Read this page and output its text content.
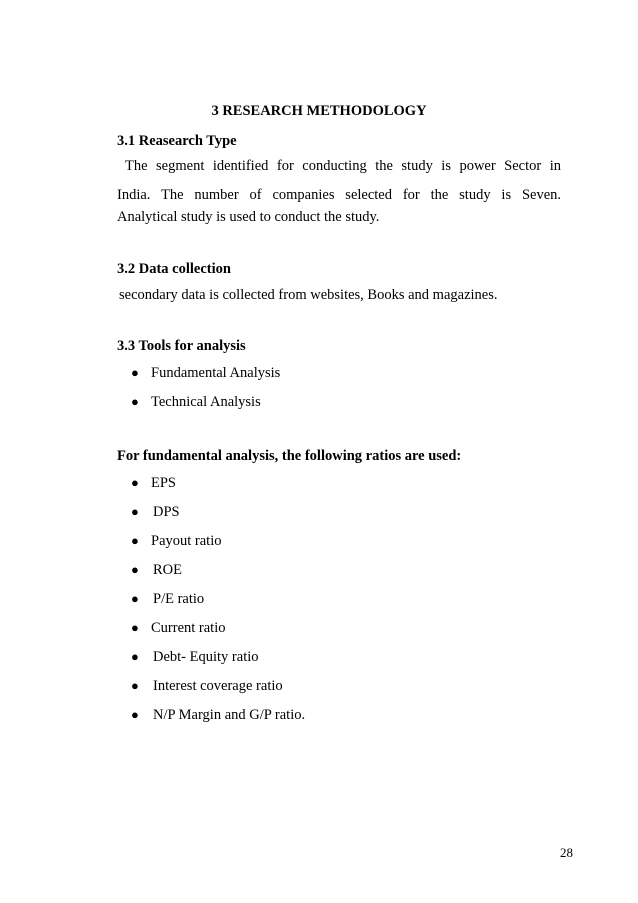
3 RESEARCH METHODOLOGY
3.1 Reasearch Type
The segment identified for conducting the study is power Sector in
India. The number of companies selected for the study is Seven.
Analytical study is used to conduct the study.
3.2 Data collection
secondary data is collected from websites, Books and magazines.
3.3 Tools for analysis
● Fundamental Analysis
● Technical Analysis
For fundamental analysis, the following ratios are used:
● EPS
● DPS
● Payout ratio
● ROE
● P/E ratio
● Current ratio
● Debt- Equity ratio
● Interest coverage ratio
● N/P Margin and G/P ratio.
28
